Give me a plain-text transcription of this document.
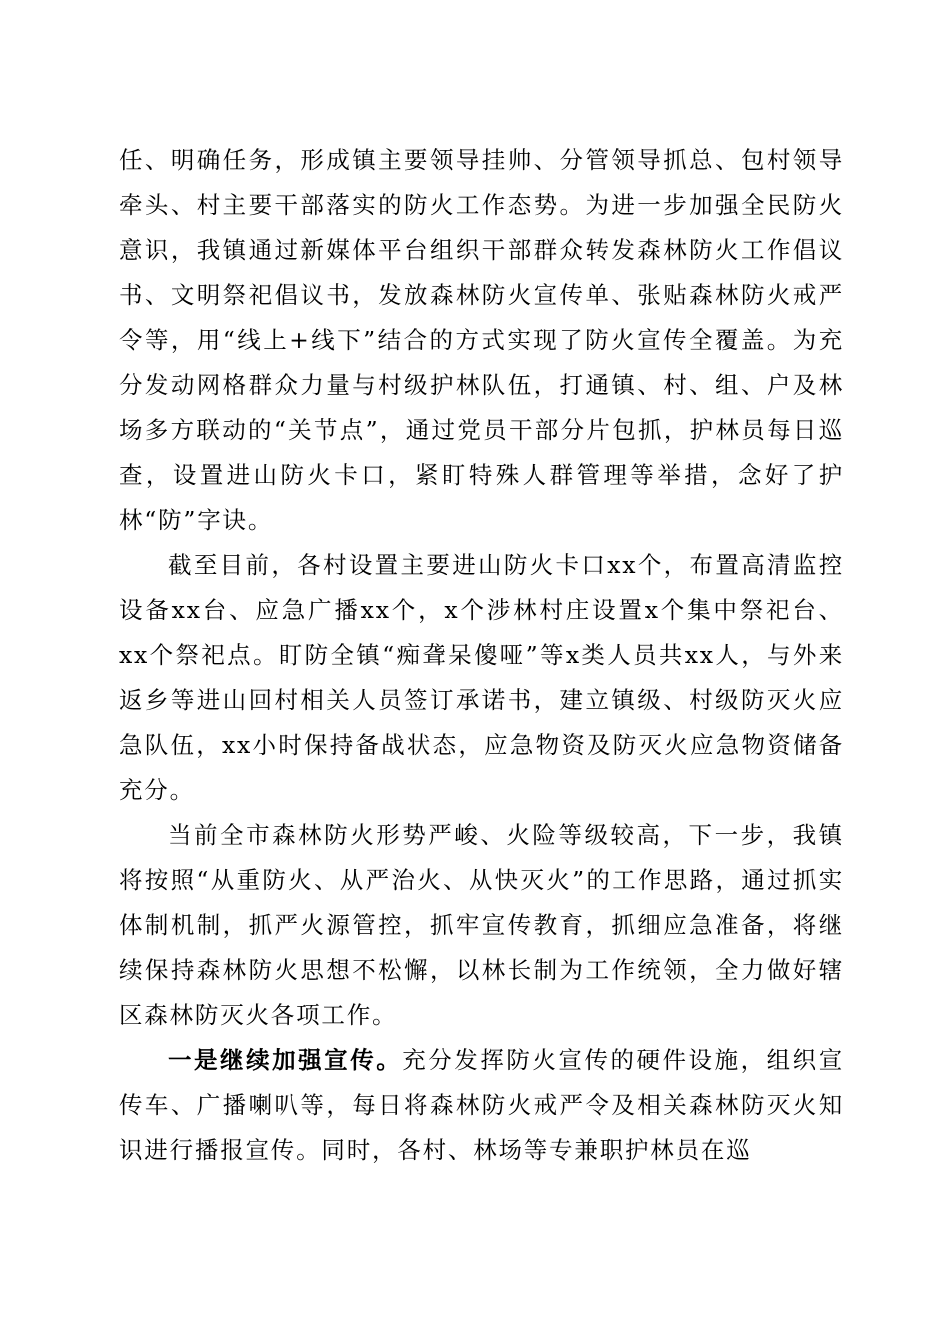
任、明确任务，形成镇主要领导挂帅、分管领导抓总、包村领导牵头、村主要干部落实的防火工作态势。为进一步加强全民防火意识，我镇通过新媒体平台组织干部群众转发森林防火工作倡议书、文明祭祀倡议书，发放森林防火宣传单、张贴森林防火戒严令等，用“线上+线下”结合的方式实现了防火宣传全覆盖。为充分发动网格群众力量与村级护林队伍，打通镇、村、组、户及林场多方联动的“关节点”，通过党员干部分片包抓，护林员每日巡查，设置进山防火卡口，紧盯特殊人群管理等举措，念好了护林“防”字诀。

截至目前，各村设置主要进山防火卡口xx个，布置高清监控设备xx台、应急广播xx个，x个涉林村庄设置x个集中祭祀台、xx个祭祀点。盯防全镇“痴聋呆傻哑”等x类人员共xx人，与外来返乡等进山回村相关人员签订承诺书，建立镇级、村级防灭火应急队伍，xx小时保持备战状态，应急物资及防灭火应急物资储备充分。

当前全市森林防火形势严峻、火险等级较高，下一步，我镇将按照“从重防火、从严治火、从快灭火”的工作思路，通过抓实体制机制，抓严火源管控，抓牢宣传教育，抓细应急准备，将继续保持森林防火思想不松懈，以林长制为工作统领，全力做好辖区森林防灭火各项工作。

一是继续加强宣传。充分发挥防火宣传的硬件设施，组织宣传车、广播喇叭等，每日将森林防火戒严令及相关森林防灭火知识进行播报宣传。同时，各村、林场等专兼职护林员在巡
